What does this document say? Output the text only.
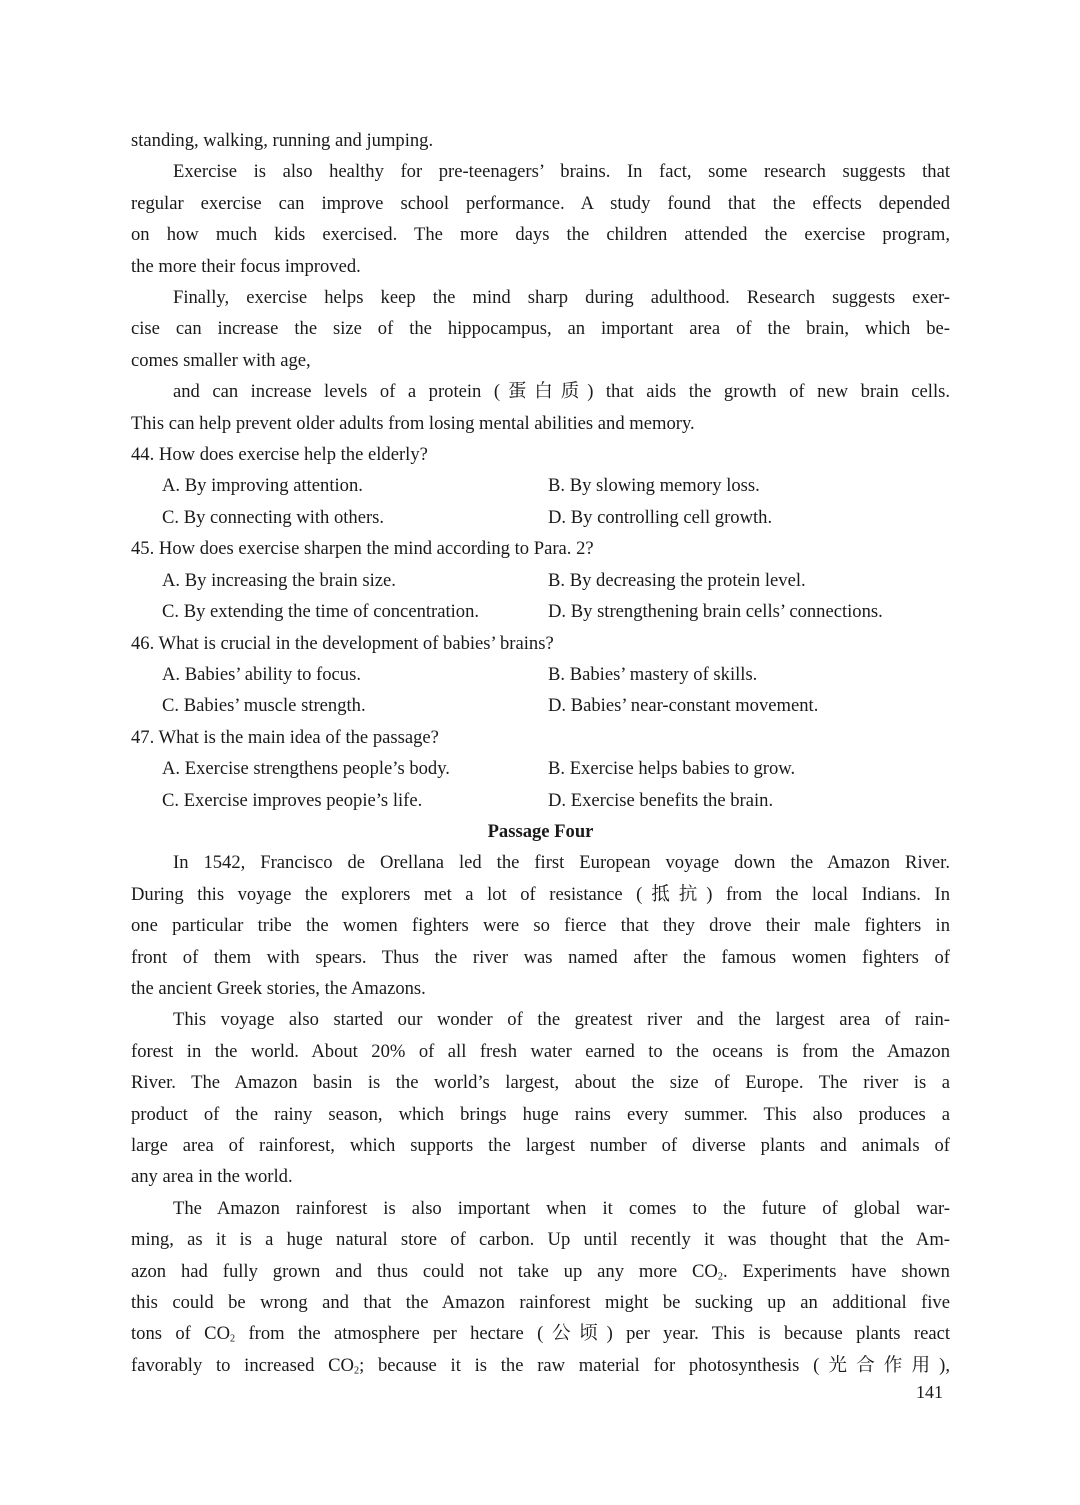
standing, walking, running and jumping.
Exercise is also healthy for pre-teenagers’ brains. In fact, some research suggests that
regular exercise can improve school performance. A study found that the effects depended
on how much kids exercised. The more days the children attended the exercise program,
the more their focus improved.
Finally, exercise helps keep the mind sharp during adulthood. Research suggests exer-
cise can increase the size of the hippocampus, an important area of the brain, which be-
comes smaller with age,
and can increase levels of a protein (蛋白质) that aids the growth of new brain cells.
This can help prevent older adults from losing mental abilities and memory.
44. How does exercise help the elderly?
A. By improving attention.	B. By slowing memory loss.
C. By connecting with others.	D. By controlling cell growth.
45. How does exercise sharpen the mind according to Para. 2?
A. By increasing the brain size.	B. By decreasing the protein level.
C. By extending the time of concentration.	D. By strengthening brain cells’ connections.
46. What is crucial in the development of babies’ brains?
A. Babies’ ability to focus.	B. Babies’ mastery of skills.
C. Babies’ muscle strength.	D. Babies’ near-constant movement.
47. What is the main idea of the passage?
A. Exercise strengthens people’s body.	B. Exercise helps babies to grow.
C. Exercise improves peopie’s life.	D. Exercise benefits the brain.
Passage Four
In 1542, Francisco de Orellana led the first European voyage down the Amazon River.
During this voyage the explorers met a lot of resistance (抵抗) from the local Indians. In
one particular tribe the women fighters were so fierce that they drove their male fighters in
front of them with spears. Thus the river was named after the famous women fighters of
the ancient Greek stories, the Amazons.
This voyage also started our wonder of the greatest river and the largest area of rain-
forest in the world. About 20% of all fresh water earned to the oceans is from the Amazon
River. The Amazon basin is the world’s largest, about the size of Europe. The river is a
product of the rainy season, which brings huge rains every summer. This also produces a
large area of rainforest, which supports the largest number of diverse plants and animals of
any area in the world.
The Amazon rainforest is also important when it comes to the future of global war-
ming, as it is a huge natural store of carbon. Up until recently it was thought that the Am-
azon had fully grown and thus could not take up any more $CO_2$. Experiments have shown
this could be wrong and that the Amazon rainforest might be sucking up an additional five
tons of $CO_2$ from the atmosphere per hectare (公顷) per year. This is because plants react
favorably to increased $CO_2$; because it is the raw material for photosynthesis (光合作用),
141
